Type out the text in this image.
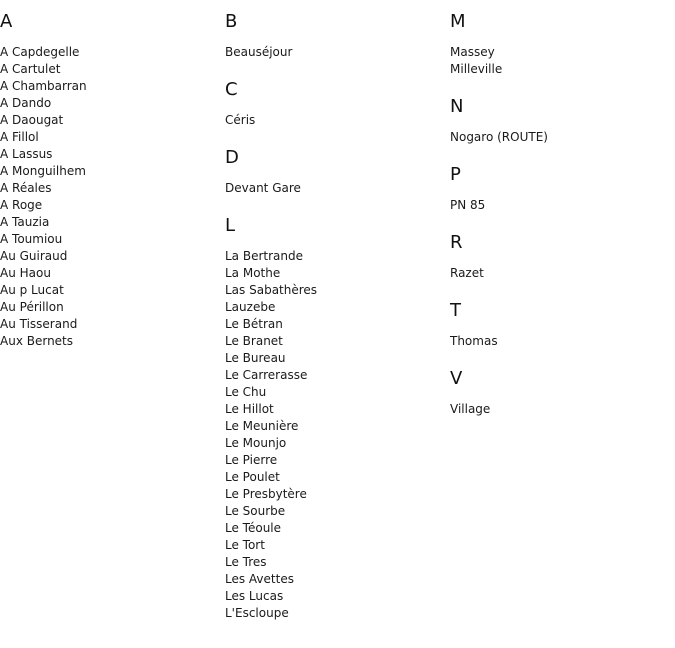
A
A Capdegelle
A Cartulet
A Chambarran
A Dando
A Daougat
A Fillol
A Lassus
A Monguilhem
A Réales
A Roge
A Tauzia
A Toumiou
Au Guiraud
Au Haou
Au p Lucat
Au Périllon
Au Tisserand
Aux Bernets
B
Beauséjour
C
Céris
D
Devant Gare
L
La Bertrande
La Mothe
Las Sabathères
Lauzebe
Le Bétran
Le Branet
Le Bureau
Le Carrerasse
Le Chu
Le Hillot
Le Meunière
Le Mounjo
Le Pierre
Le Poulet
Le Presbytère
Le Sourbe
Le Téoule
Le Tort
Le Tres
Les Avettes
Les Lucas
L'Escloupe
M
Massey
Milleville
N
Nogaro (ROUTE)
P
PN 85
R
Razet
T
Thomas
V
Village
